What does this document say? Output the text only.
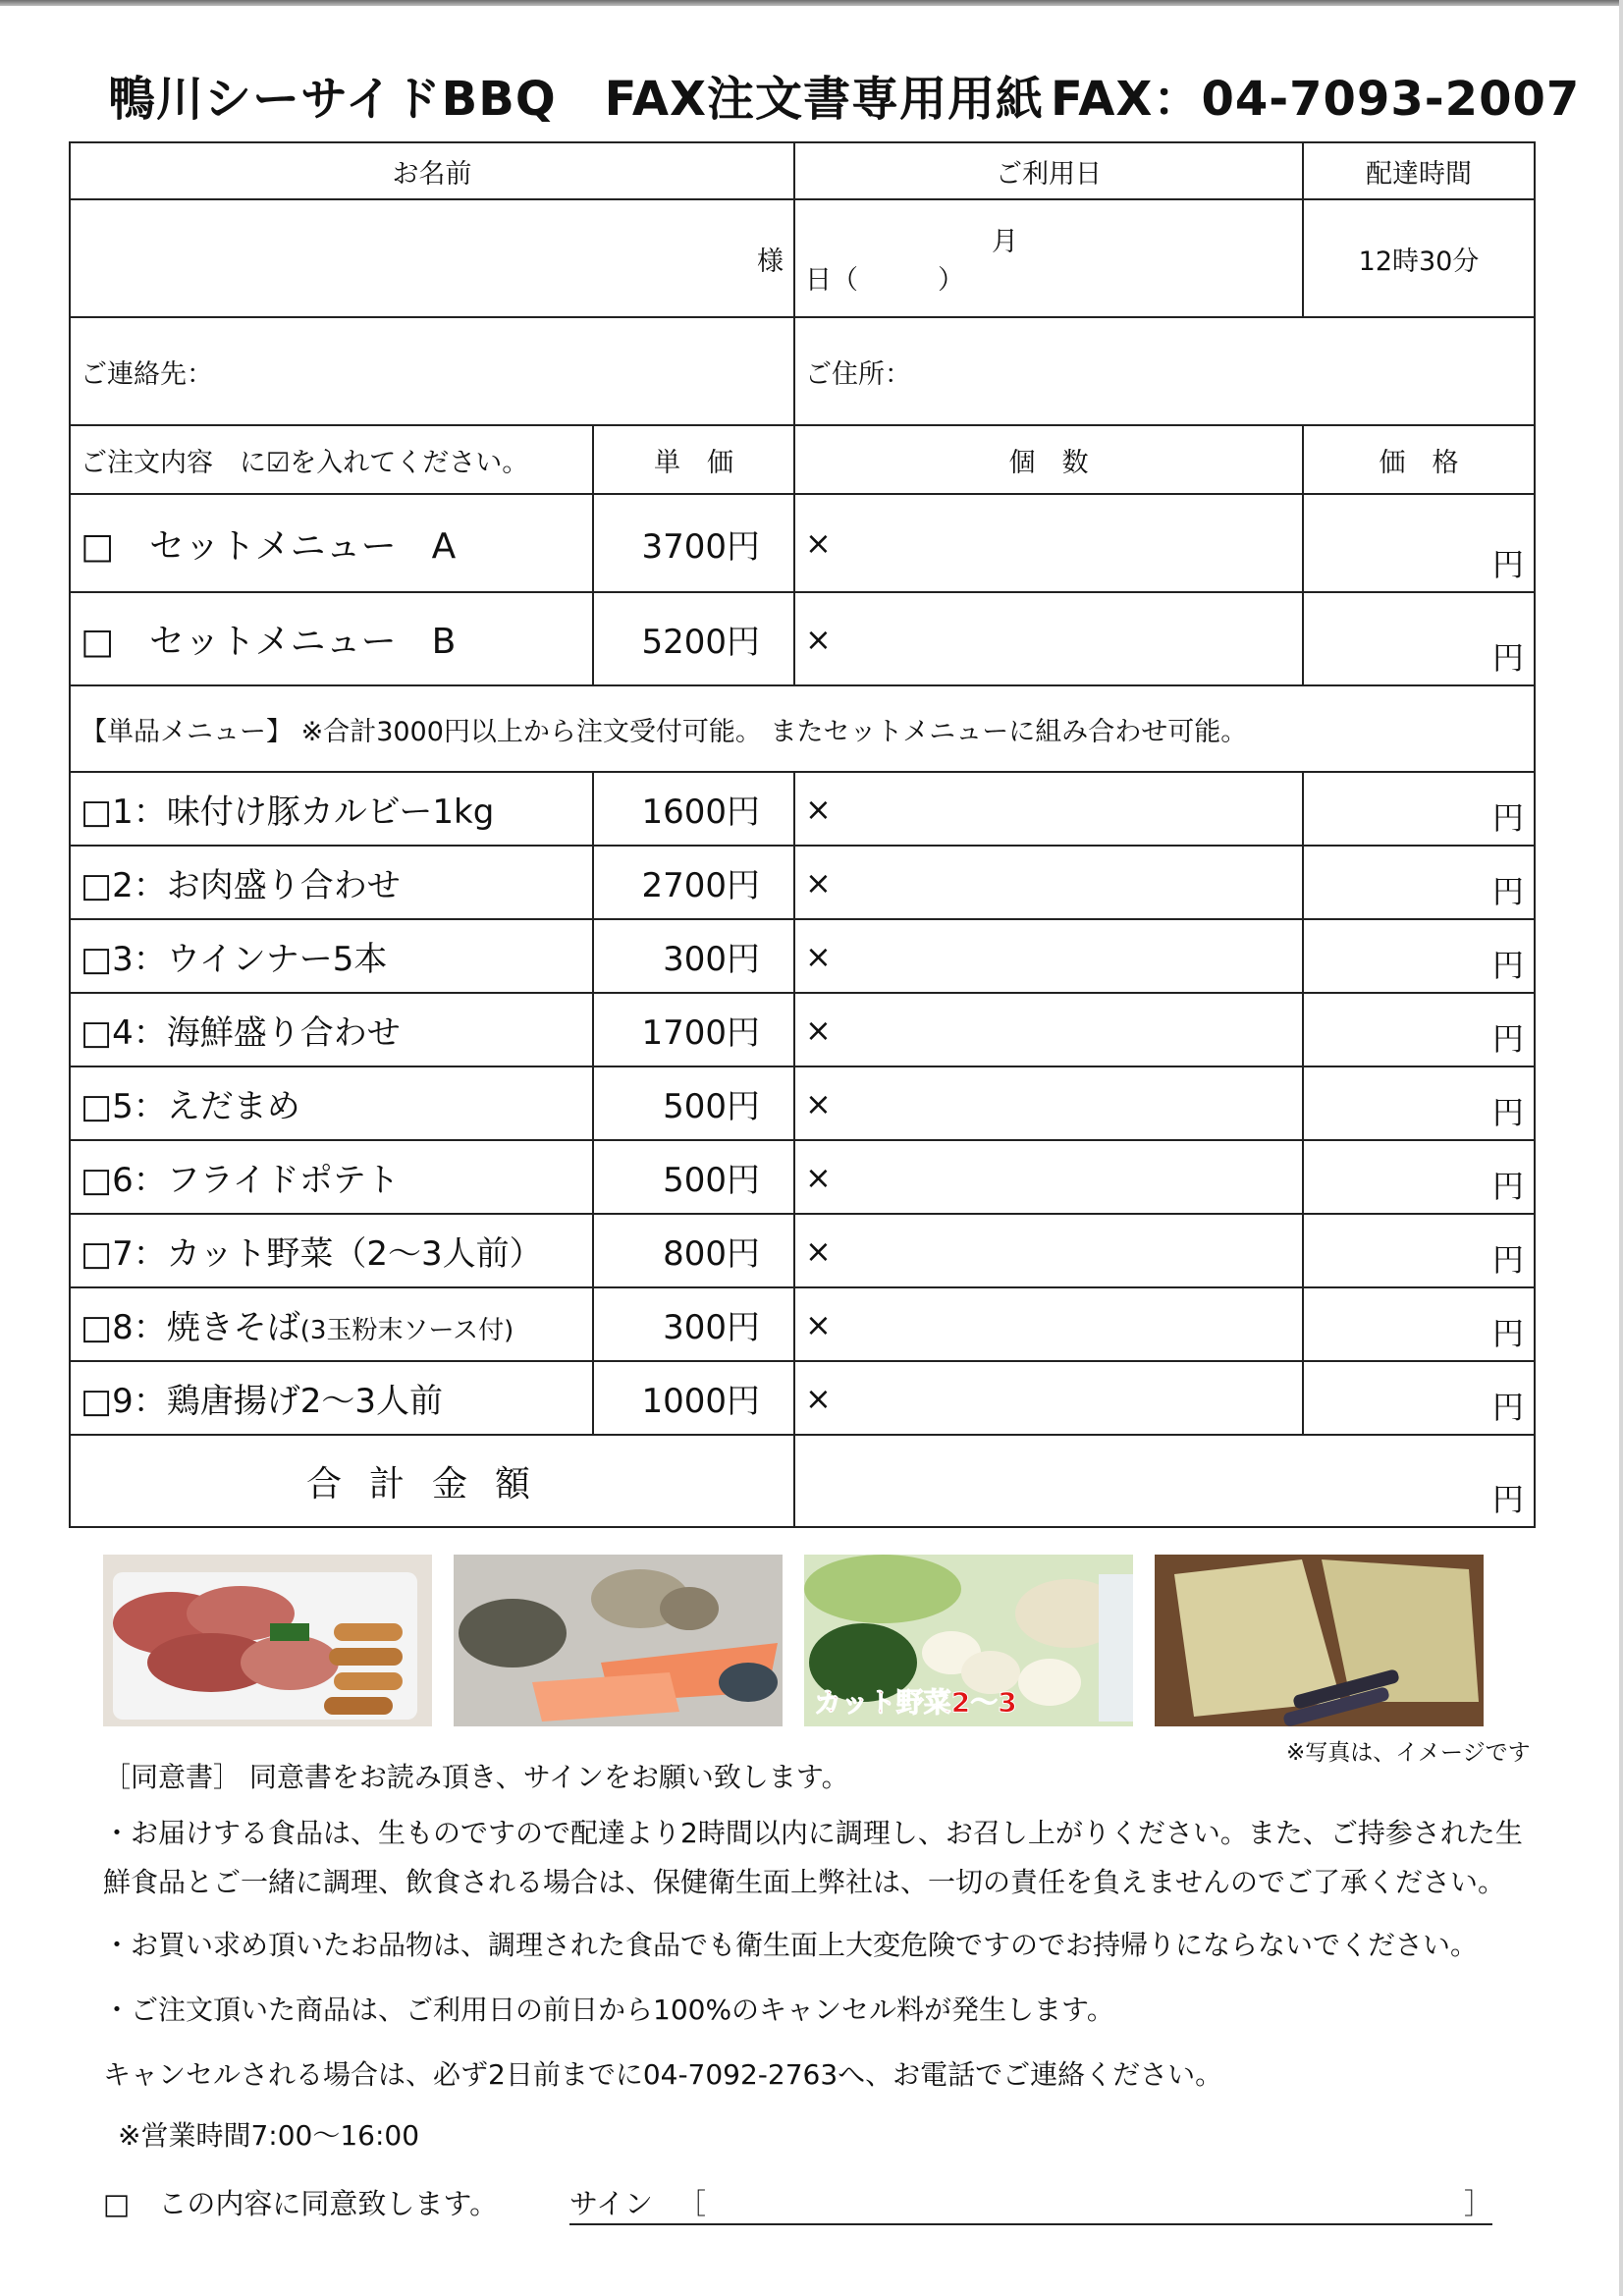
鴨川シーサイドBBQ　FAX注文書専用用紙 FAX：04-7093-2007
お名前		ご利用日	配達時間
様		月日（　　　）	12時30分
ご連絡先：		ご住所：	
ご注文内容　に☑を入れてください。	単　価	個　数	価　格
□　セットメニュー　A	3700円	×	円
□　セットメニュー　B	5200円	×	円
【単品メニュー】 ※合計3000円以上から注文受付可能。 またセットメニューに組み合わせ可能。			
□1：味付け豚カルビー1kg	1600円	×	円
□2：お肉盛り合わせ	2700円	×	円
□3：ウインナー5本	300円	×	円
□4：海鮮盛り合わせ	1700円	×	円
□5：えだまめ	500円	×	円
□6：フライドポテト	500円	×	円
□7：カット野菜（2～3人前）	800円	×	円
□8：焼きそば(3玉粉末ソース付)	300円	×	円
□9：鶏唐揚げ2～3人前	1000円	×	円
合計金額		円	
カット野菜2～3
※写真は、イメージです
［同意書］ 同意書をお読み頂き、サインをお願い致します。
・お届けする食品は、生ものですので配達より2時間以内に調理し、お召し上がりください。また、ご持参された生鮮食品とご一緒に調理、飲食される場合は、保健衛生面上弊社は、一切の責任を負えませんのでご了承ください。
・お買い求め頂いたお品物は、調理された食品でも衛生面上大変危険ですのでお持帰りにならないでください。
・ご注文頂いた商品は、ご利用日の前日から100%のキャンセル料が発生します。
キャンセルされる場合は、必ず2日前までに04-7092-2763へ、お電話でご連絡ください。
※営業時間7:00～16:00
□　この内容に同意致します。	サイン ［	］
